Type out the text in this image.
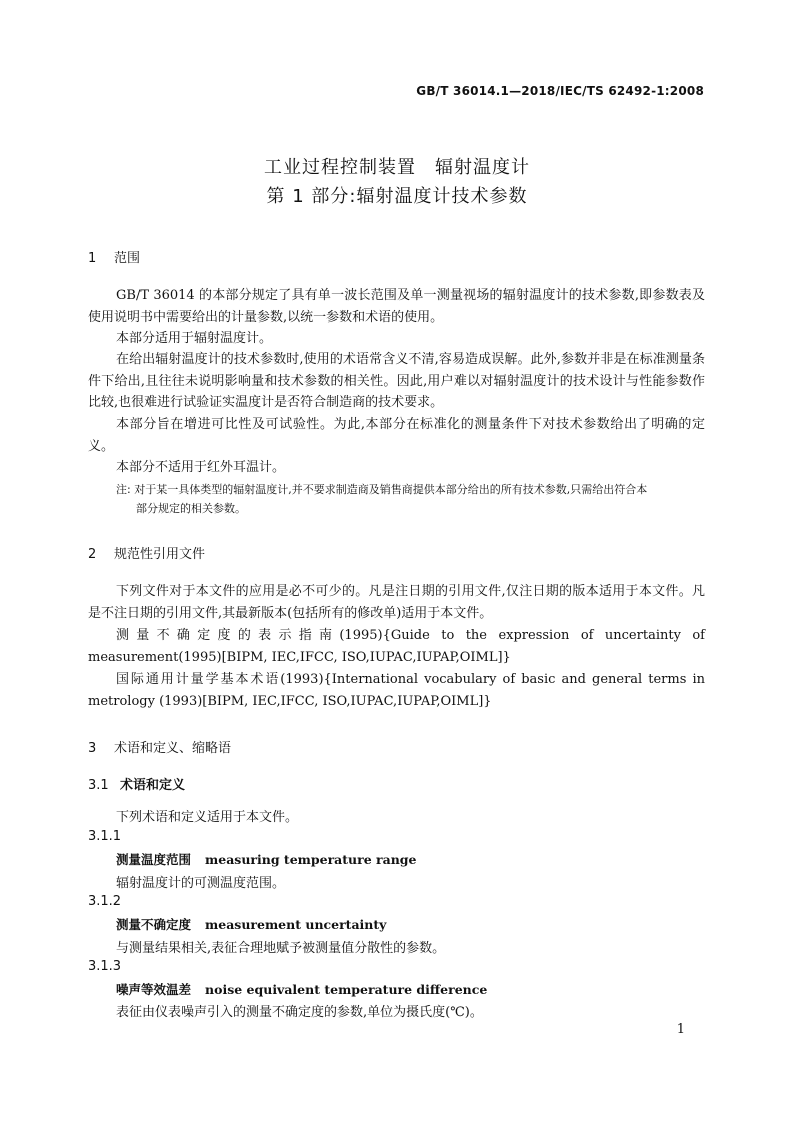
GB/T 36014.1—2018/IEC/TS 62492-1:2008
工业过程控制装置　辐射温度计
第 1 部分:辐射温度计技术参数
1 范围
GB/T 36014 的本部分规定了具有单一波长范围及单一测量视场的辐射温度计的技术参数,即参数表及使用说明书中需要给出的计量参数,以统一参数和术语的使用。
本部分适用于辐射温度计。
在给出辐射温度计的技术参数时,使用的术语常含义不清,容易造成误解。此外,参数并非是在标准测量条件下给出,且往往未说明影响量和技术参数的相关性。因此,用户难以对辐射温度计的技术设计与性能参数作比较,也很难进行试验证实温度计是否符合制造商的技术要求。
本部分旨在增进可比性及可试验性。为此,本部分在标准化的测量条件下对技术参数给出了明确的定义。
本部分不适用于红外耳温计。
注: 对于某一具体类型的辐射温度计,并不要求制造商及销售商提供本部分给出的所有技术参数,只需给出符合本
部分规定的相关参数。
2 规范性引用文件
下列文件对于本文件的应用是必不可少的。凡是注日期的引用文件,仅注日期的版本适用于本文件。凡是不注日期的引用文件,其最新版本(包括所有的修改单)适用于本文件。
测量不确定度的表示指南(1995){Guide to the expression of uncertainty of measurement(1995)[BIPM, IEC,IFCC, ISO,IUPAC,IUPAP,OIML]}
国际通用计量学基本术语(1993){International vocabulary of basic and general terms in metrology (1993)[BIPM, IEC,IFCC, ISO,IUPAC,IUPAP,OIML]}
3 术语和定义、缩略语
3.1 术语和定义
下列术语和定义适用于本文件。
3.1.1
测量温度范围 measuring temperature range
辐射温度计的可测温度范围。
3.1.2
测量不确定度 measurement uncertainty
与测量结果相关,表征合理地赋予被测量值分散性的参数。
3.1.3
噪声等效温差 noise equivalent temperature difference
表征由仪表噪声引入的测量不确定度的参数,单位为摄氏度(℃)。
1
